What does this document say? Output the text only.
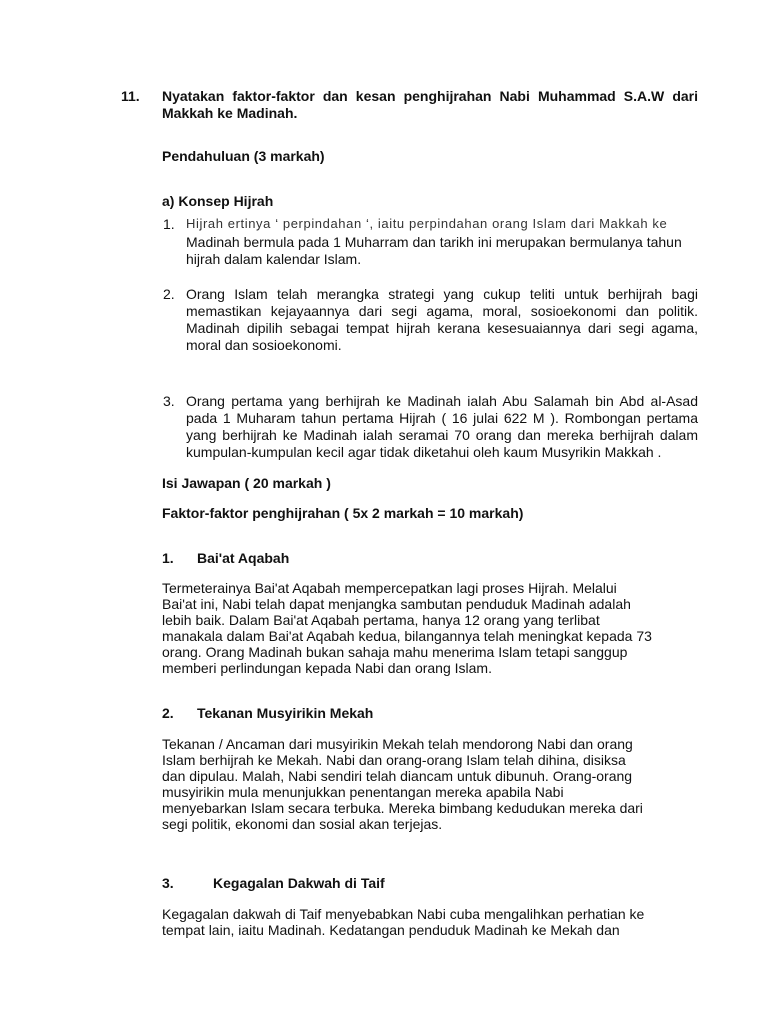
11. Nyatakan faktor-faktor dan kesan penghijrahan Nabi Muhammad S.A.W dari Makkah ke Madinah.
Pendahuluan (3 markah)
a) Konsep Hijrah
1. Hijrah ertinya ‘ perpindahan ‘, iaitu perpindahan orang Islam dari Makkah ke
Madinah bermula pada 1 Muharram dan tarikh ini merupakan bermulanya tahun hijrah dalam kalendar Islam.
2. Orang Islam telah merangka strategi yang cukup teliti untuk berhijrah bagi memastikan kejayaannya dari segi agama, moral, sosioekonomi dan politik. Madinah dipilih sebagai tempat hijrah kerana kesesuaiannya dari segi agama, moral dan sosioekonomi.
3. Orang pertama yang berhijrah ke Madinah ialah Abu Salamah bin Abd al-Asad pada 1 Muharam tahun pertama Hijrah ( 16 julai 622 M ). Rombongan pertama yang berhijrah ke Madinah ialah seramai 70 orang dan mereka berhijrah dalam kumpulan-kumpulan kecil agar tidak diketahui oleh kaum Musyrikin Makkah .
Isi Jawapan ( 20 markah )
Faktor-faktor penghijrahan ( 5x 2 markah = 10 markah)
1. Bai'at Aqabah
Termeterainya Bai'at Aqabah mempercepatkan lagi proses Hijrah. Melalui Bai'at ini, Nabi telah dapat menjangka sambutan penduduk Madinah adalah lebih baik. Dalam Bai'at Aqabah pertama, hanya 12 orang yang terlibat manakala dalam Bai'at Aqabah kedua, bilangannya telah meningkat kepada 73 orang. Orang Madinah bukan sahaja mahu menerima Islam tetapi sanggup memberi perlindungan kepada Nabi dan orang Islam.
2. Tekanan Musyirikin Mekah
Tekanan / Ancaman dari musyirikin Mekah telah mendorong Nabi dan orang Islam berhijrah ke Mekah. Nabi dan orang-orang Islam telah dihina, disiksa dan dipulau. Malah, Nabi sendiri telah diancam untuk dibunuh. Orang-orang musyirikin mula menunjukkan penentangan mereka apabila Nabi menyebarkan Islam secara terbuka. Mereka bimbang kedudukan mereka dari segi politik, ekonomi dan sosial akan terjejas.
3.	Kegagalan Dakwah di Taif
Kegagalan dakwah di Taif menyebabkan Nabi cuba mengalihkan perhatian ke tempat lain, iaitu Madinah. Kedatangan penduduk Madinah ke Mekah dan
